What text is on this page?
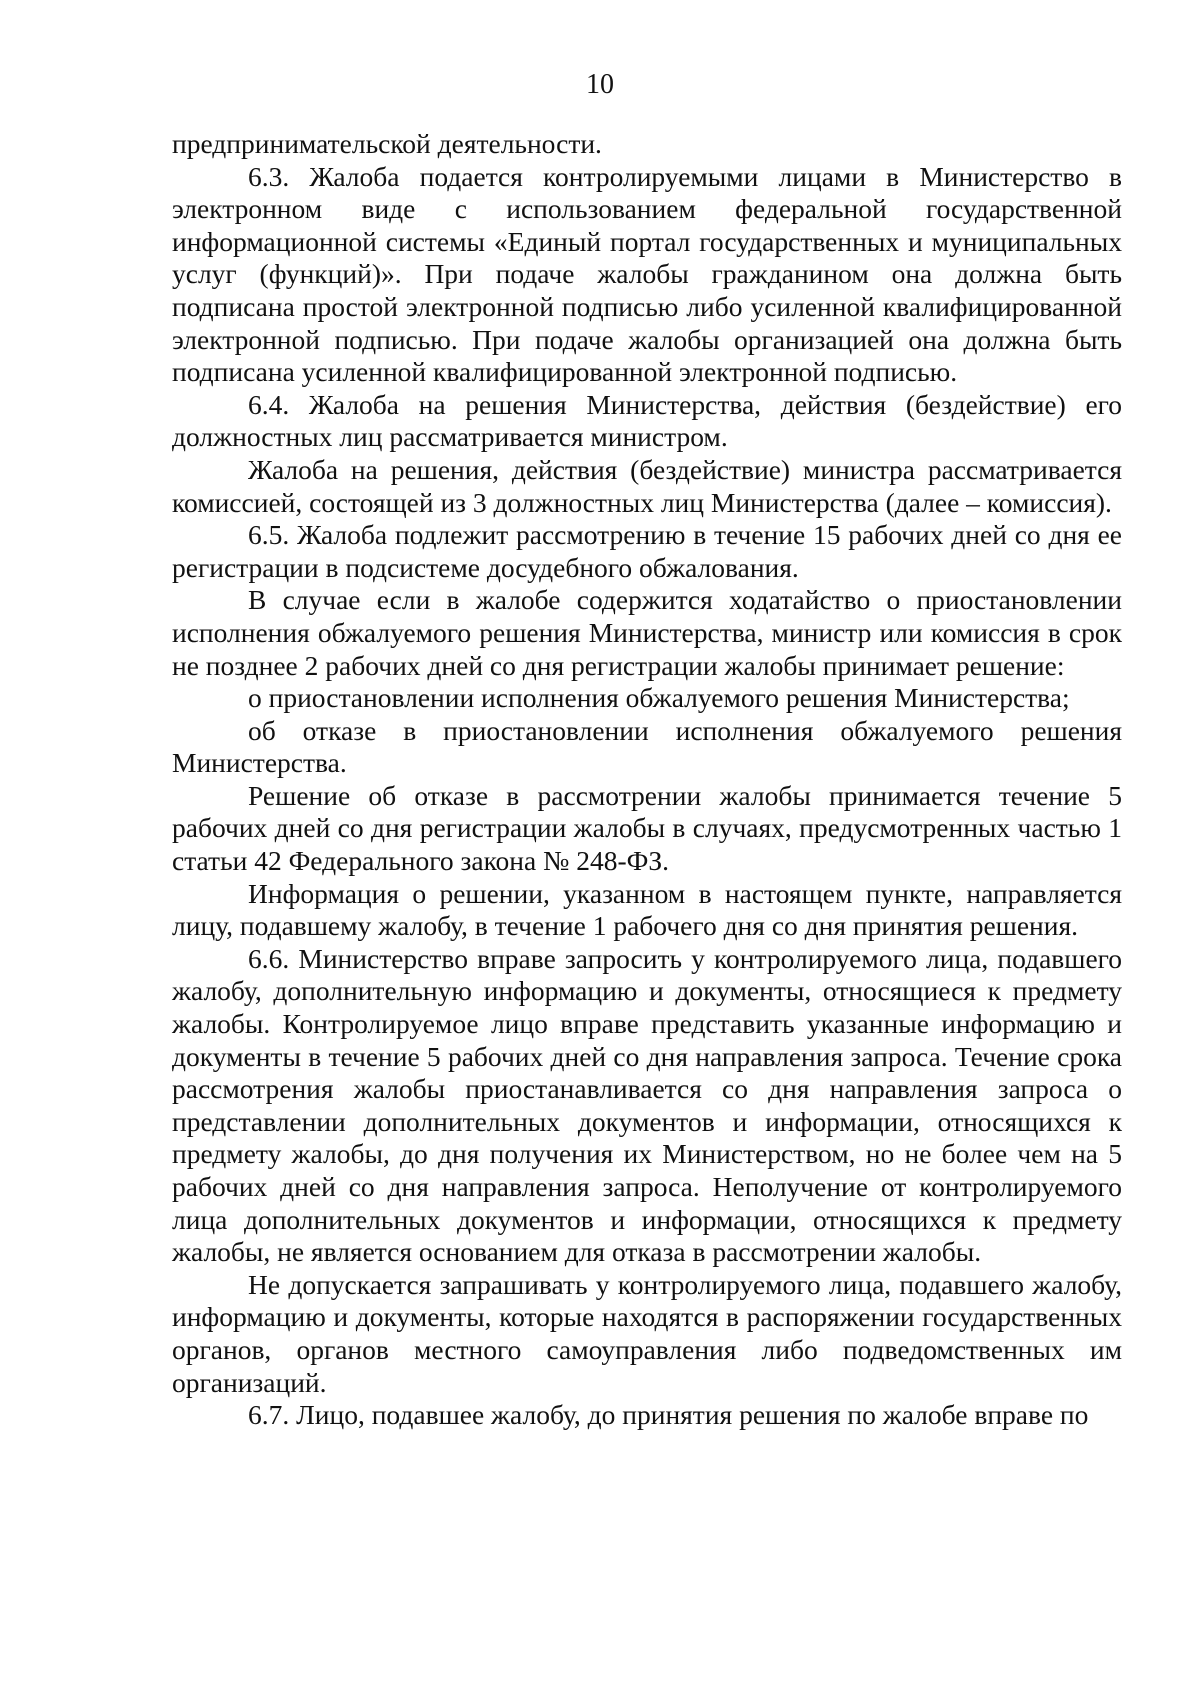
10

предпринимательской деятельности.

6.3. Жалоба подается контролируемыми лицами в Министерство в электронном виде с использованием федеральной государственной информационной системы «Единый портал государственных и муниципальных услуг (функций)». При подаче жалобы гражданином она должна быть подписана простой электронной подписью либо усиленной квалифицированной электронной подписью. При подаче жалобы организацией она должна быть подписана усиленной квалифицированной электронной подписью.

6.4. Жалоба на решения Министерства, действия (бездействие) его должностных лиц рассматривается министром.

Жалоба на решения, действия (бездействие) министра рассматривается комиссией, состоящей из 3 должностных лиц Министерства (далее – комиссия).

6.5. Жалоба подлежит рассмотрению в течение 15 рабочих дней со дня ее регистрации в подсистеме досудебного обжалования.

В случае если в жалобе содержится ходатайство о приостановлении исполнения обжалуемого решения Министерства, министр или комиссия в срок не позднее 2 рабочих дней со дня регистрации жалобы принимает решение:

о приостановлении исполнения обжалуемого решения Министерства;

об отказе в приостановлении исполнения обжалуемого решения Министерства.

Решение об отказе в рассмотрении жалобы принимается течение 5 рабочих дней со дня регистрации жалобы в случаях, предусмотренных частью 1 статьи 42 Федерального закона № 248-ФЗ.

Информация о решении, указанном в настоящем пункте, направляется лицу, подавшему жалобу, в течение 1 рабочего дня со дня принятия решения.

6.6. Министерство вправе запросить у контролируемого лица, подавшего жалобу, дополнительную информацию и документы, относящиеся к предмету жалобы. Контролируемое лицо вправе представить указанные информацию и документы в течение 5 рабочих дней со дня направления запроса. Течение срока рассмотрения жалобы приостанавливается со дня направления запроса о представлении дополнительных документов и информации, относящихся к предмету жалобы, до дня получения их Министерством, но не более чем на 5 рабочих дней со дня направления запроса. Неполучение от контролируемого лица дополнительных документов и информации, относящихся к предмету жалобы, не является основанием для отказа в рассмотрении жалобы.

Не допускается запрашивать у контролируемого лица, подавшего жалобу, информацию и документы, которые находятся в распоряжении государственных органов, органов местного самоуправления либо подведомственных им организаций.

6.7. Лицо, подавшее жалобу, до принятия решения по жалобе вправе по
